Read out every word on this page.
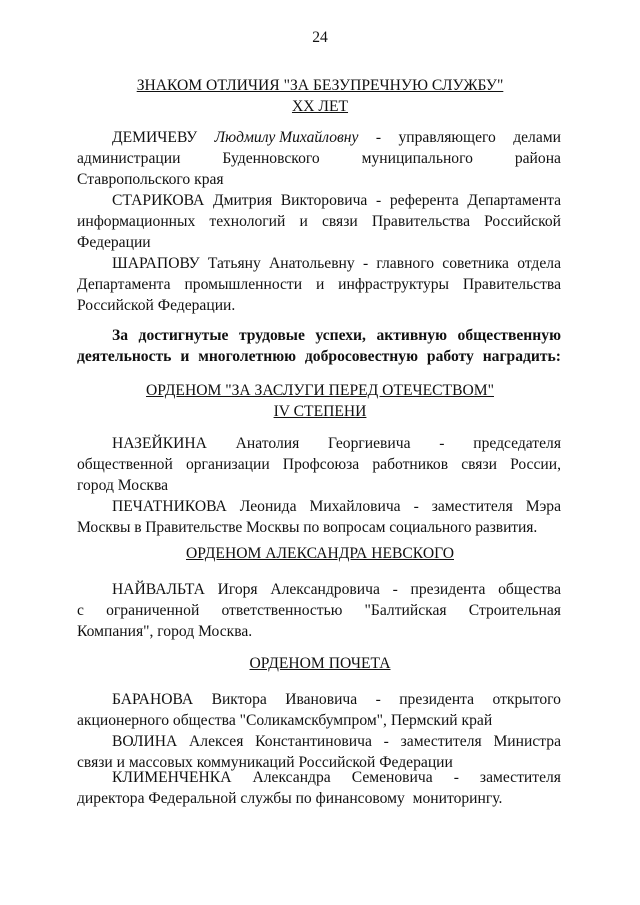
24
ЗНАКОМ ОТЛИЧИЯ "ЗА БЕЗУПРЕЧНУЮ СЛУЖБУ"
XX ЛЕТ
ДЕМИЧЕВУ Людмилу Михайловну - управляющего делами
администрации	Буденновского	муниципального	района
Ставропольского края
СТАРИКОВА Дмитрия Викторовича - референта Департамента
информационных технологий и связи Правительства Российской
Федерации
ШАРАПОВУ Татьяну Анатольевну - главного советника отдела
Департамента промышленности и инфраструктуры Правительства
Российской Федерации.
За достигнутые трудовые успехи, активную общественную
деятельность и многолетнюю добросовестную работу наградить:
ОРДЕНОМ "ЗА ЗАСЛУГИ ПЕРЕД ОТЕЧЕСТВОМ"
IV СТЕПЕНИ
НАЗЕЙКИНА Анатолия Георгиевича - председателя
общественной организации Профсоюза работников связи России,
город Москва
ПЕЧАТНИКОВА Леонида Михайловича - заместителя Мэра
Москвы в Правительстве Москвы по вопросам социального развития.
ОРДЕНОМ АЛЕКСАНДРА НЕВСКОГО
НАЙВАЛЬТА Игоря Александровича - президента общества
с ограниченной ответственностью "Балтийская Строительная
Компания", город Москва.
ОРДЕНОМ ПОЧЕТА
БАРАНОВА Виктора Ивановича - президента открытого
акционерного общества "Соликамскбумпром", Пермский край
ВОЛИНА Алексея Константиновича - заместителя Министра
связи и массовых коммуникаций Российской Федерации
КЛИМЕНЧЕНКА Александра Семеновича - заместителя
директора Федеральной службы по финансовому  мониторингу.
